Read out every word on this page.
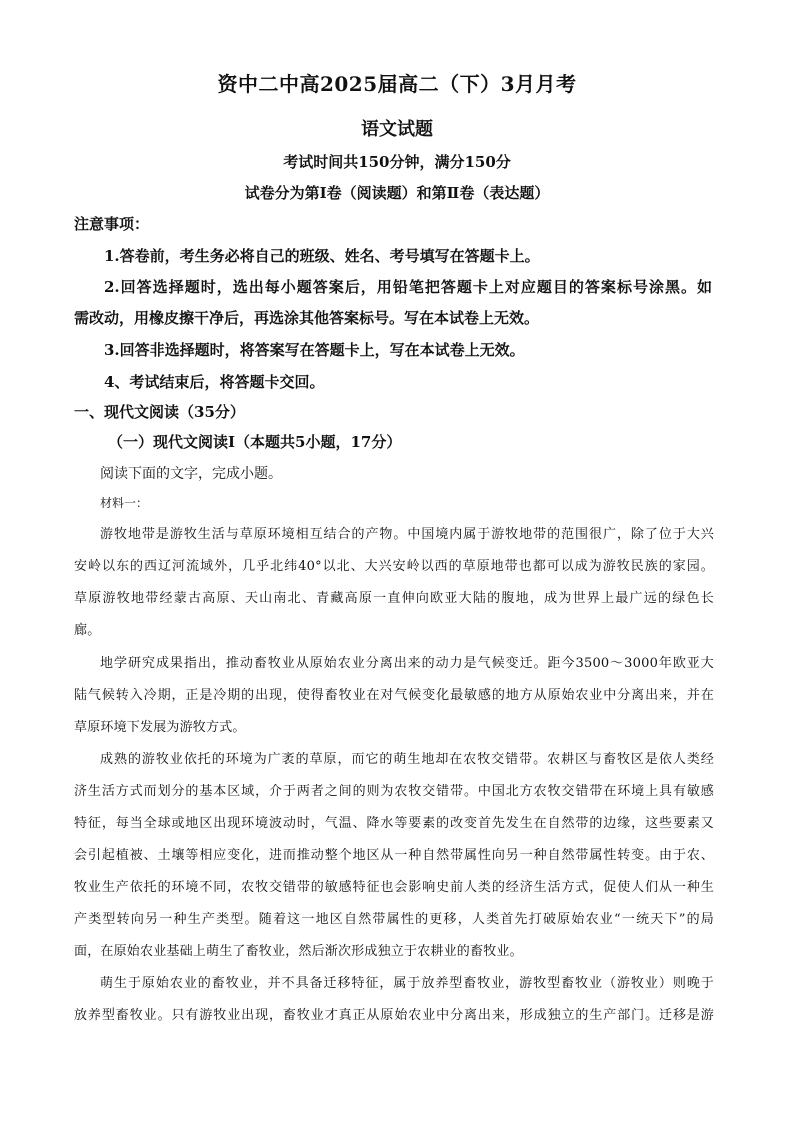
资中二中高2025届高二（下）3月月考
语文试题
考试时间共150分钟，满分150分
试卷分为第Ⅰ卷（阅读题）和第Ⅱ卷（表达题）
注意事项：
1.答卷前，考生务必将自己的班级、姓名、考号填写在答题卡上。
2.回答选择题时，选出每小题答案后，用铅笔把答题卡上对应题目的答案标号涂黑。如
需改动，用橡皮擦干净后，再选涂其他答案标号。写在本试卷上无效。
3.回答非选择题时，将答案写在答题卡上，写在本试卷上无效。
4、考试结束后，将答题卡交回。
一、现代文阅读（35分）
（一）现代文阅读Ⅰ（本题共5小题，17分）
阅读下面的文字，完成小题。
材料一：
游牧地带是游牧生活与草原环境相互结合的产物。中国境内属于游牧地带的范围很广，除了位于大兴
安岭以东的西辽河流域外，几乎北纬40°以北、大兴安岭以西的草原地带也都可以成为游牧民族的家园。
草原游牧地带经蒙古高原、天山南北、青藏高原一直伸向欧亚大陆的腹地，成为世界上最广远的绿色长
廊。
地学研究成果指出，推动畜牧业从原始农业分离出来的动力是气候变迁。距今3500～3000年欧亚大
陆气候转入冷期，正是冷期的出现，使得畜牧业在对气候变化最敏感的地方从原始农业中分离出来，并在
草原环境下发展为游牧方式。
成熟的游牧业依托的环境为广袤的草原，而它的萌生地却在农牧交错带。农耕区与畜牧区是依人类经
济生活方式而划分的基本区域，介于两者之间的则为农牧交错带。中国北方农牧交错带在环境上具有敏感
特征，每当全球或地区出现环境波动时，气温、降水等要素的改变首先发生在自然带的边缘，这些要素又
会引起植被、土壤等相应变化，进而推动整个地区从一种自然带属性向另一种自然带属性转变。由于农、
牧业生产依托的环境不同，农牧交错带的敏感特征也会影响史前人类的经济生活方式，促使人们从一种生
产类型转向另一种生产类型。随着这一地区自然带属性的更移，人类首先打破原始农业“一统天下”的局
面，在原始农业基础上萌生了畜牧业，然后渐次形成独立于农耕业的畜牧业。
萌生于原始农业的畜牧业，并不具备迁移特征，属于放养型畜牧业，游牧型畜牧业（游牧业）则晚于
放养型畜牧业。只有游牧业出现，畜牧业才真正从原始农业中分离出来，形成独立的生产部门。迁移是游
